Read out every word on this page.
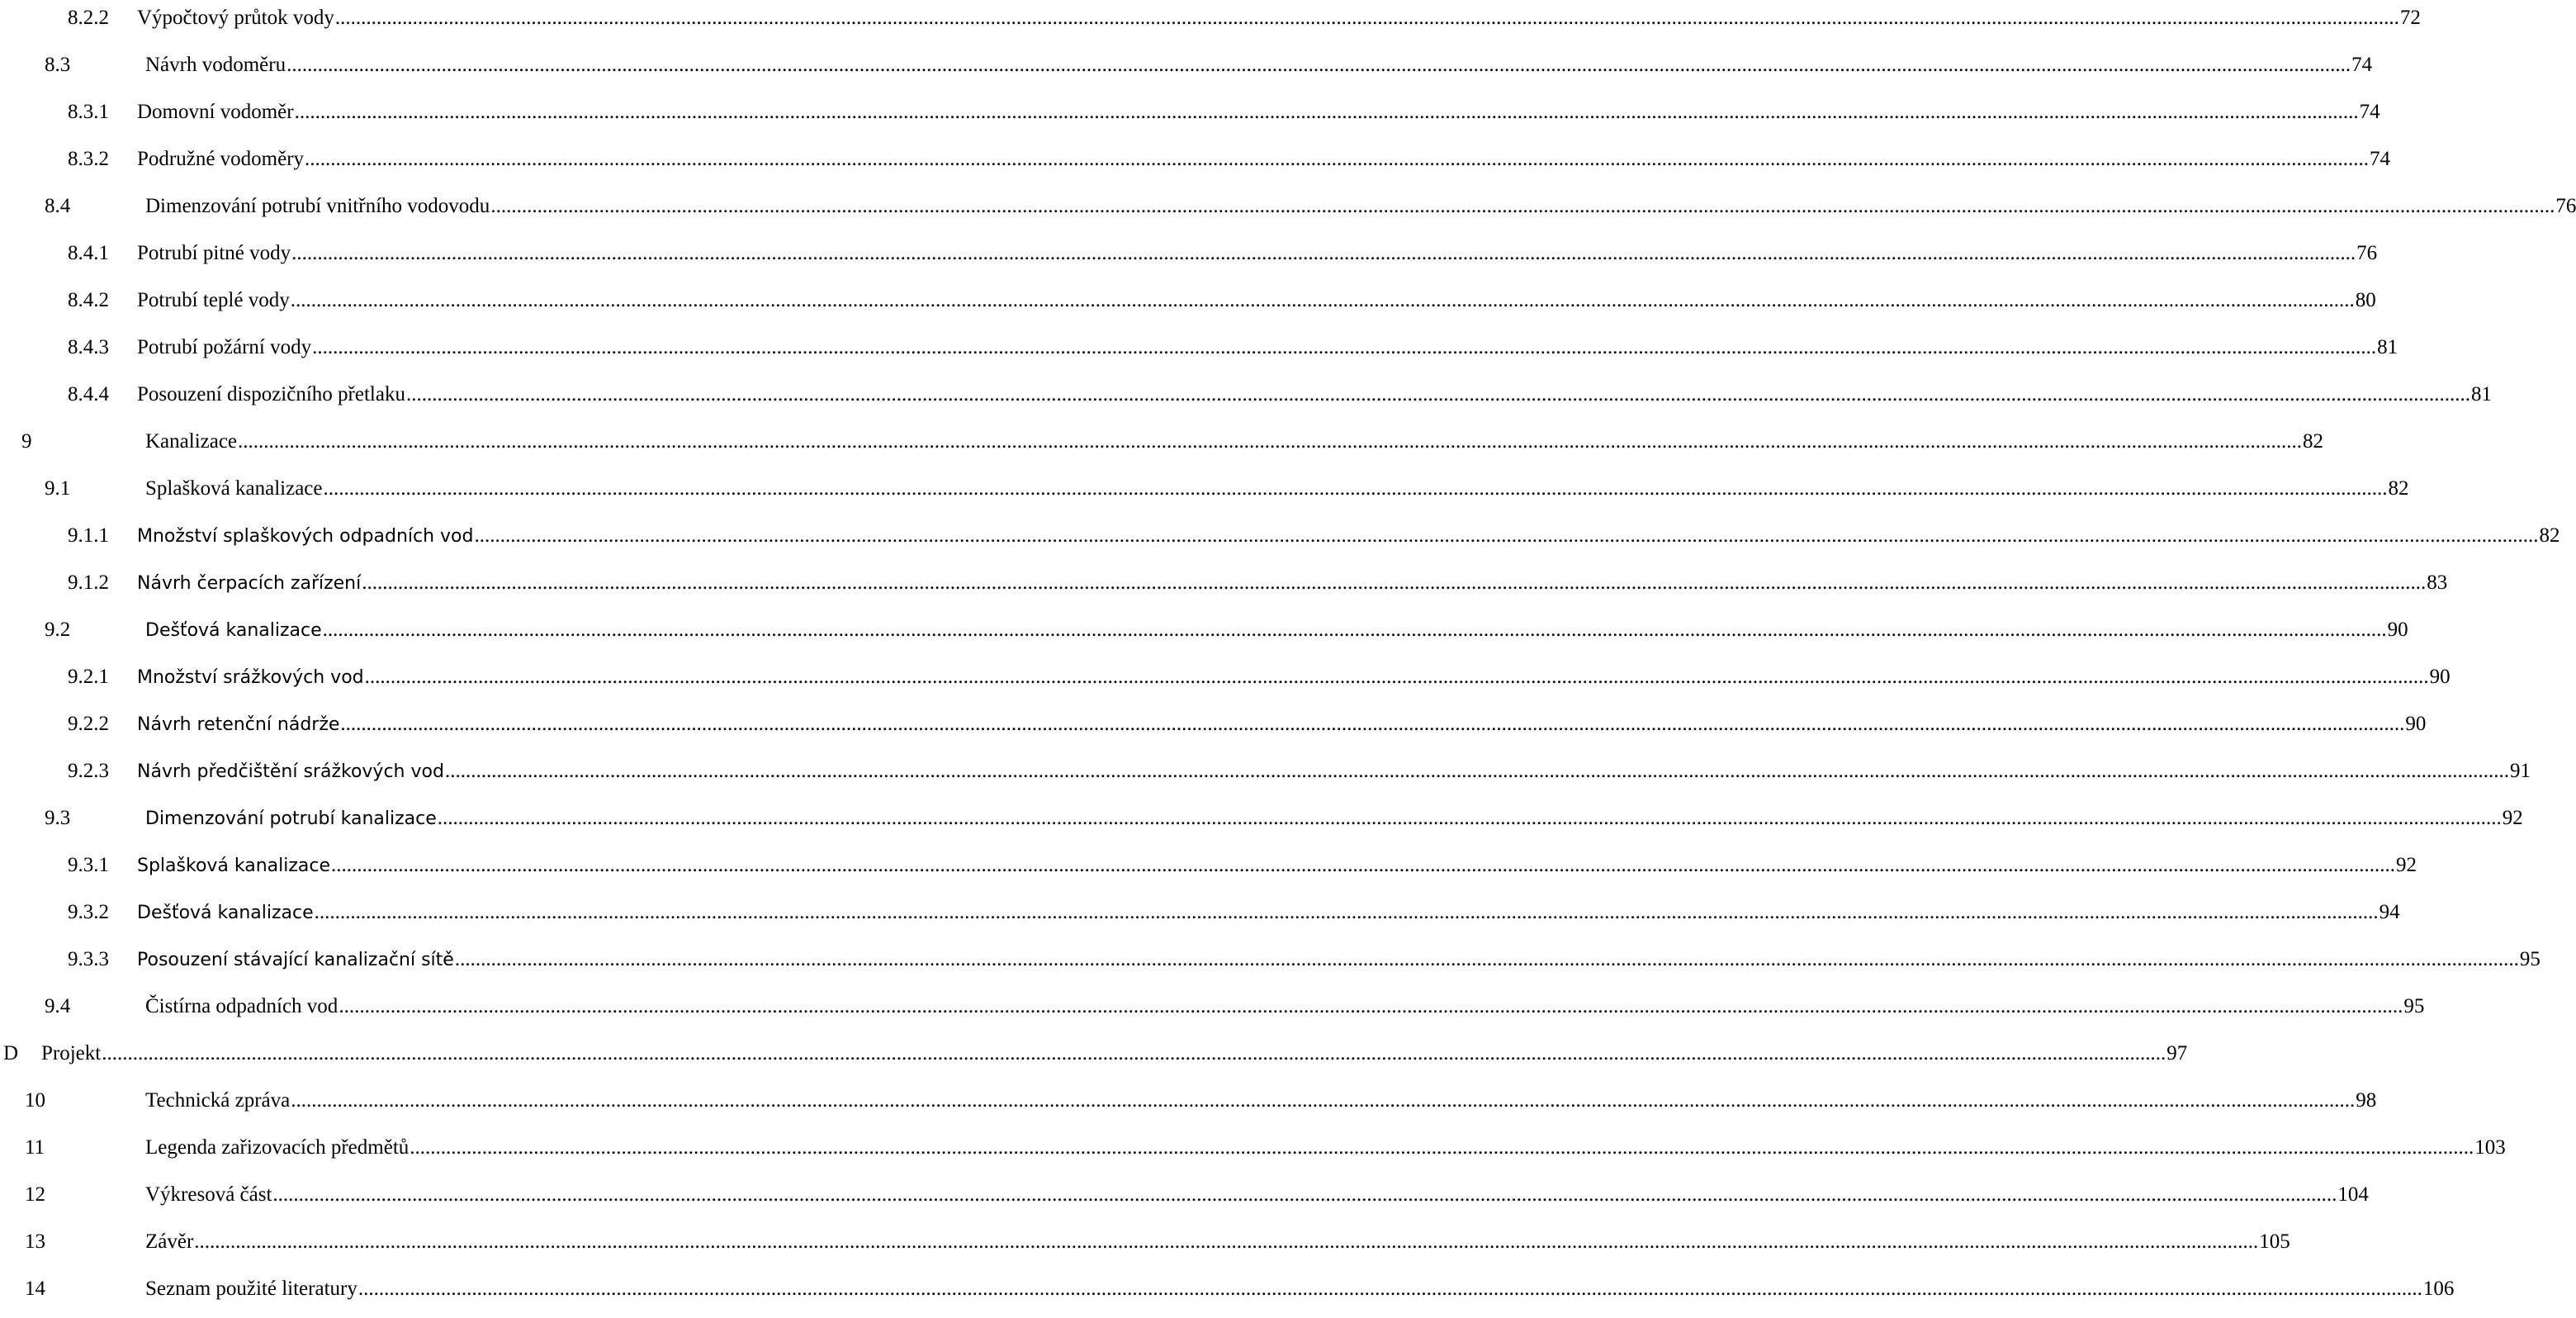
8.2.2	Výpočtový průtok vody ................................................................................................................................................................................................................................................................................................................................................................................................................ 72
8.3	Návrh vodoměru ................................................................................................................................................................................................................................................................................................................................................................................................................ 74
8.3.1	Domovní vodoměr ................................................................................................................................................................................................................................................................................................................................................................................................................ 74
8.3.2	Podružné vodoměry ................................................................................................................................................................................................................................................................................................................................................................................................................ 74
8.4	Dimenzování potrubí vnitřního vodovodu ................................................................................................................................................................................................................................................................................................................................................................................................................ 76
8.4.1	Potrubí pitné vody ................................................................................................................................................................................................................................................................................................................................................................................................................ 76
8.4.2	Potrubí teplé vody ................................................................................................................................................................................................................................................................................................................................................................................................................ 80
8.4.3	Potrubí požární vody ................................................................................................................................................................................................................................................................................................................................................................................................................ 81
8.4.4	Posouzení dispozičního přetlaku ................................................................................................................................................................................................................................................................................................................................................................................................................ 81
9	Kanalizace ................................................................................................................................................................................................................................................................................................................................................................................................................ 82
9.1	Splašková kanalizace ................................................................................................................................................................................................................................................................................................................................................................................................................ 82
9.1.1	Množství splaškových odpadních vod ................................................................................................................................................................................................................................................................................................................................................................................................................ 82
9.1.2	Návrh čerpacích zařízení ................................................................................................................................................................................................................................................................................................................................................................................................................ 83
9.2	Dešťová kanalizace ................................................................................................................................................................................................................................................................................................................................................................................................................ 90
9.2.1	Množství srážkových vod ................................................................................................................................................................................................................................................................................................................................................................................................................ 90
9.2.2	Návrh retenční nádrže ................................................................................................................................................................................................................................................................................................................................................................................................................ 90
9.2.3	Návrh předčištění srážkových vod ................................................................................................................................................................................................................................................................................................................................................................................................................ 91
9.3	Dimenzování potrubí kanalizace ................................................................................................................................................................................................................................................................................................................................................................................................................ 92
9.3.1	Splašková kanalizace ................................................................................................................................................................................................................................................................................................................................................................................................................ 92
9.3.2	Dešťová kanalizace ................................................................................................................................................................................................................................................................................................................................................................................................................ 94
9.3.3	Posouzení stávající kanalizační sítě ................................................................................................................................................................................................................................................................................................................................................................................................................ 95
9.4	Čistírna odpadních vod ................................................................................................................................................................................................................................................................................................................................................................................................................ 95
D	Projekt ................................................................................................................................................................................................................................................................................................................................................................................................................ 97
10	Technická zpráva ................................................................................................................................................................................................................................................................................................................................................................................................................ 98
11	Legenda zařizovacích předmětů ................................................................................................................................................................................................................................................................................................................................................................................................................ 103
12	Výkresová část ................................................................................................................................................................................................................................................................................................................................................................................................................ 104
13	Závěr ................................................................................................................................................................................................................................................................................................................................................................................................................ 105
14	Seznam použité literatury ................................................................................................................................................................................................................................................................................................................................................................................................................ 106
